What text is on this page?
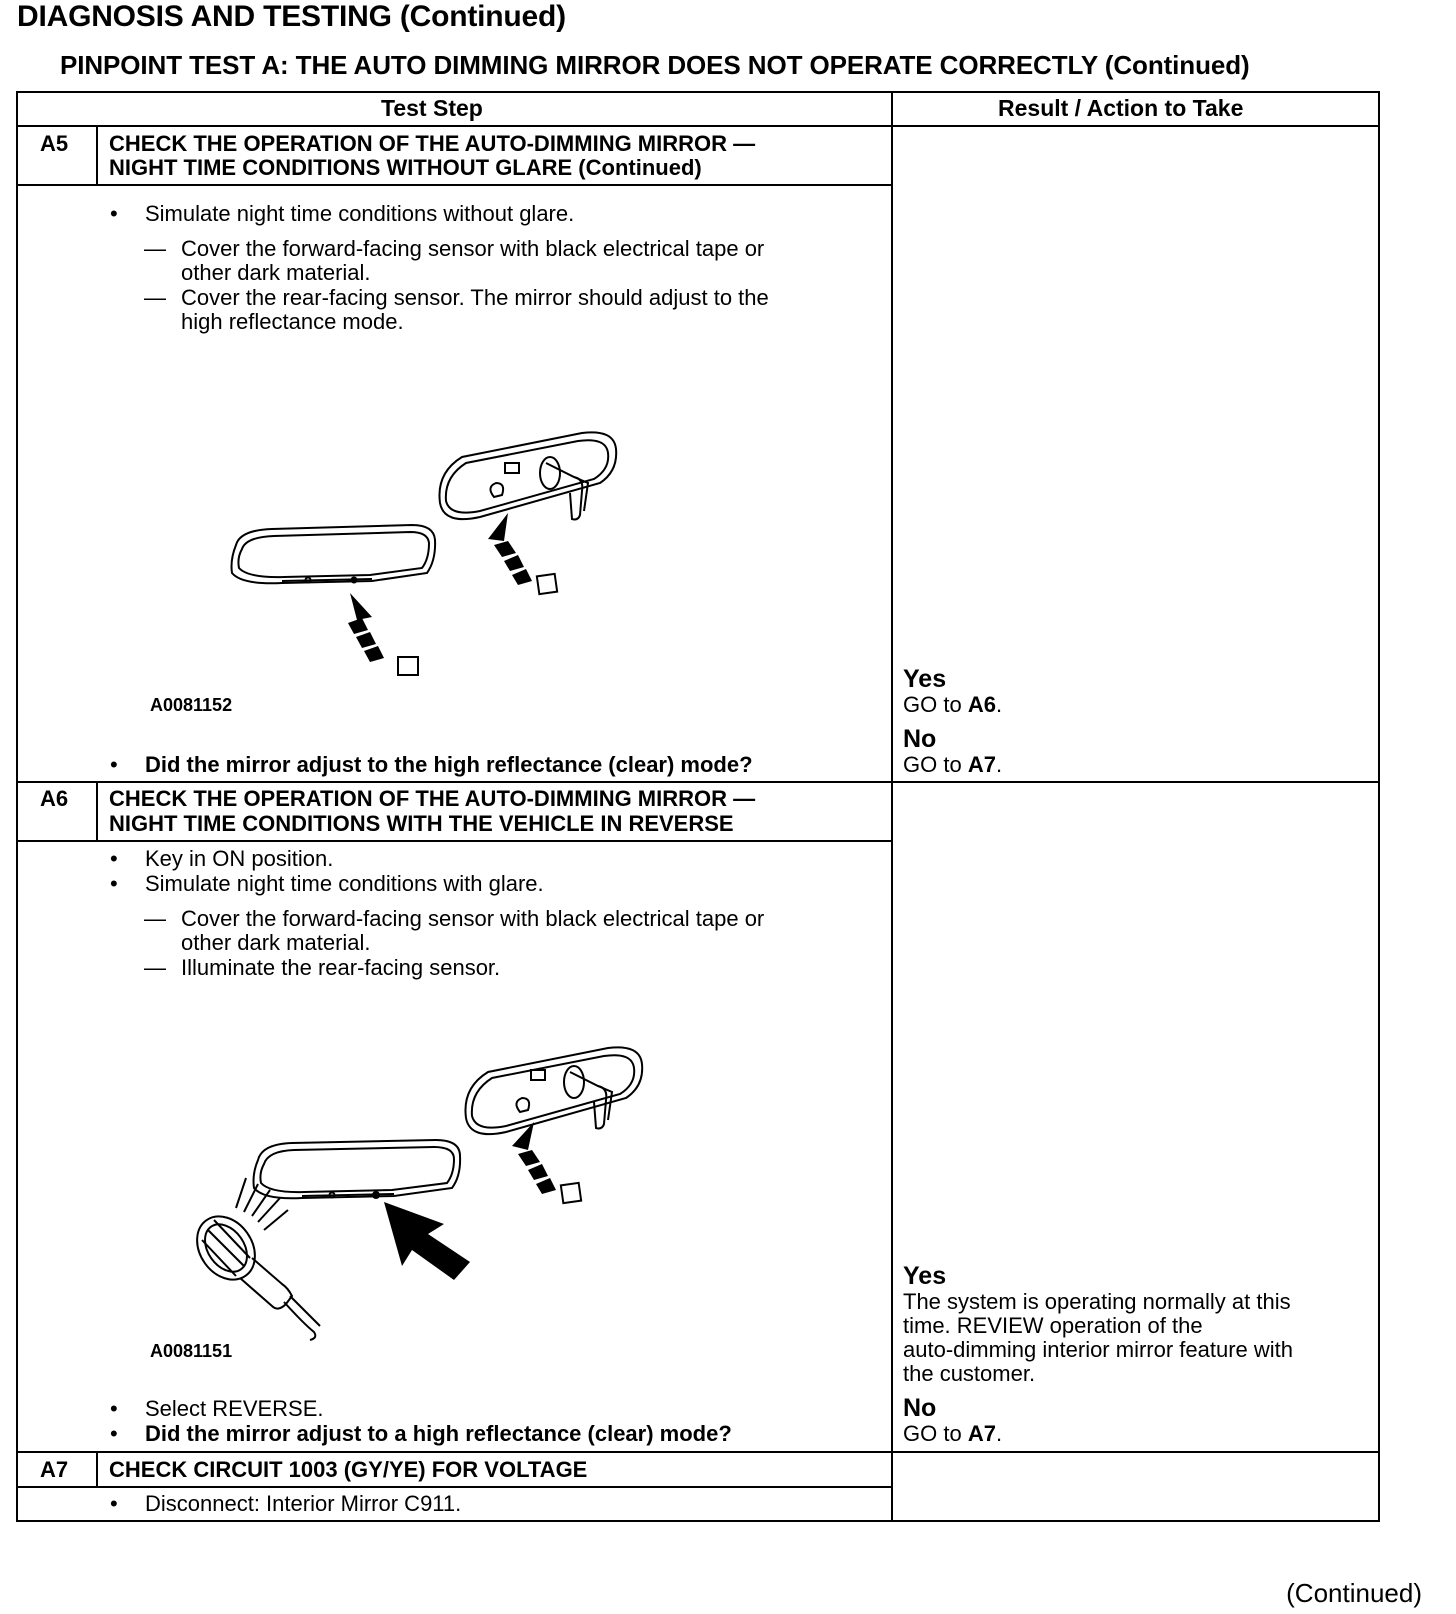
DIAGNOSIS AND TESTING (Continued)
PINPOINT TEST A: THE AUTO DIMMING MIRROR DOES NOT OPERATE CORRECTLY (Continued)
Test Step	Result / Action to Take
A5 CHECK THE OPERATION OF THE AUTO-DIMMING MIRROR —
NIGHT TIME CONDITIONS WITHOUT GLARE (Continued)
• Simulate night time conditions without glare.
— Cover the forward-facing sensor with black electrical tape or
other dark material.
— Cover the rear-facing sensor. The mirror should adjust to the
high reflectance mode.
A0081152
• Did the mirror adjust to the high reflectance (clear) mode?
Yes
GO to A6.
No
GO to A7.
A6 CHECK THE OPERATION OF THE AUTO-DIMMING MIRROR —
NIGHT TIME CONDITIONS WITH THE VEHICLE IN REVERSE
• Key in ON position.
• Simulate night time conditions with glare.
— Cover the forward-facing sensor with black electrical tape or
other dark material.
— Illuminate the rear-facing sensor.
A0081151
• Select REVERSE.
• Did the mirror adjust to a high reflectance (clear) mode?
Yes
The system is operating normally at this
time. REVIEW operation of the
auto-dimming interior mirror feature with
the customer.
No
GO to A7.
A7 CHECK CIRCUIT 1003 (GY/YE) FOR VOLTAGE
• Disconnect: Interior Mirror C911.
(Continued)
